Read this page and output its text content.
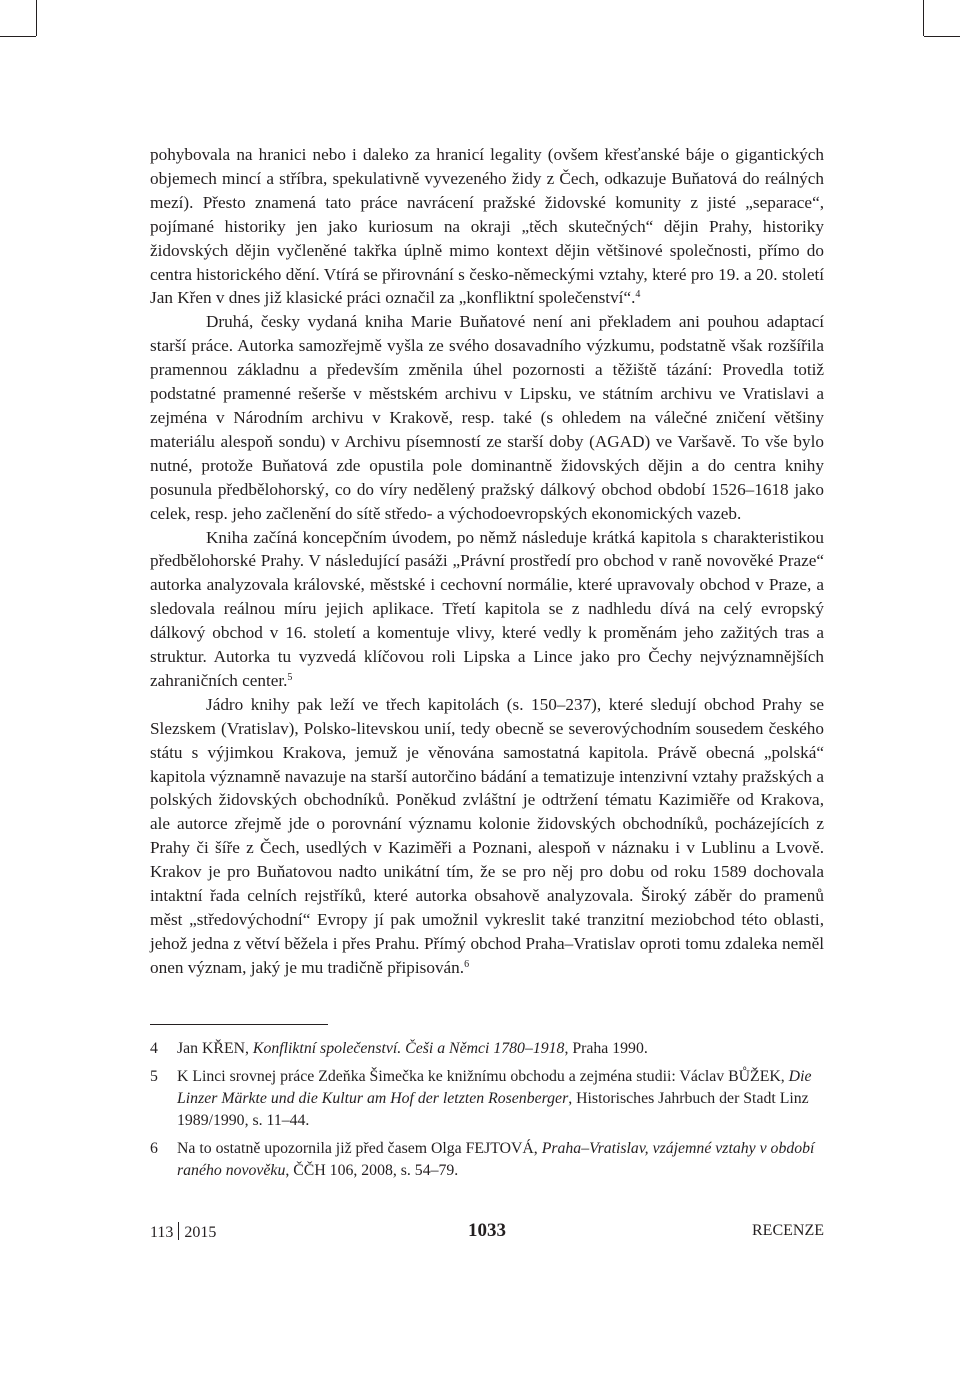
pohybovala na hranici nebo i daleko za hranicí legality (ovšem křesťanské báje o gigantických objemech mincí a stříbra, spekulativně vyvezeného židy z Čech, odkazuje Buňatová do reálných mezí). Přesto znamená tato práce navrácení pražské židovské komunity z jisté „separace“, pojímané historiky jen jako kuriosum na okraji „těch skutečných“ dějin Prahy, historiky židovských dějin vyčleněné takřka úplně mimo kontext dějin většinové společnosti, přímo do centra historického dění. Vtírá se přirovnání s česko-německými vztahy, které pro 19. a 20. století Jan Křen v dnes již klasické práci označil za „konfliktní společenství“.$^4$

Druhá, česky vydaná kniha Marie Buňatové není ani překladem ani pouhou adaptací starší práce. Autorka samozřejmě vyšla ze svého dosavadního výzkumu, podstatně však rozšířila pramennou základnu a především změnila úhel pozornosti a těžiště tázání: Provedla totiž podstatné pramenné rešerše v městském archivu v Lipsku, ve státním archivu ve Vratislavi a zejména v Národním archivu v Krakově, resp. také (s ohledem na válečné zničení většiny materiálu alespoň sondu) v Archivu písemností ze starší doby (AGAD) ve Varšavě. To vše bylo nutné, protože Buňatová zde opustila pole dominantně židovských dějin a do centra knihy posunula předbělohorský, co do víry nedělený pražský dálkový obchod období 1526–1618 jako celek, resp. jeho začlenění do sítě středo- a východoevropských ekonomických vazeb.

Kniha začíná koncepčním úvodem, po němž následuje krátká kapitola s charakteristikou předbělohorské Prahy. V následující pasáži „Právní prostředí pro obchod v raně novověké Praze“ autorka analyzovala královské, městské i cechovní normálie, které upravovaly obchod v Praze, a sledovala reálnou míru jejich aplikace. Třetí kapitola se z nadhledu dívá na celý evropský dálkový obchod v 16. století a komentuje vlivy, které vedly k proměnám jeho zažitých tras a struktur. Autorka tu vyzvedá klíčovou roli Lipska a Lince jako pro Čechy nejvýznamnějších zahraničních center.$^5$

Jádro knihy pak leží ve třech kapitolách (s. 150–237), které sledují obchod Prahy se Slezskem (Vratislav), Polsko-litevskou unií, tedy obecně se severovýchodním sousedem českého státu s výjimkou Krakova, jemuž je věnována samostatná kapitola. Právě obecná „polská“ kapitola významně navazuje na starší autorčino bádání a tematizuje intenzivní vztahy pražských a polských židovských obchodníků. Poněkud zvláštní je odtržení tématu Kazimiěře od Krakova, ale autorce zřejmě jde o porovnání významu kolonie židovských obchodníků, pocházejících z Prahy či šíře z Čech, usedlých v Kaziměři a Poznani, alespoň v náznaku i v Lublinu a Lvově. Krakov je pro Buňatovou nadto unikátní tím, že se pro něj pro dobu od roku 1589 dochovala intaktní řada celních rejstříků, které autorka obsahově analyzovala. Široký záběr do pramenů měst „středovýchodní“ Evropy jí pak umožnil vykreslit také tranzitní meziobchod této oblasti, jehož jedna z větví běžela i přes Prahu. Přímý obchod Praha–Vratislav oproti tomu zdaleka neměl onen význam, jaký je mu tradičně připisován.$^6$

4 Jan KŘEN, Konfliktní společenství. Češi a Němci 1780–1918, Praha 1990.
5 K Linci srovnej práce Zdeňka Šimečka ke knižnímu obchodu a zejména studii: Václav BŮŽEK, Die Linzer Märkte und die Kultur am Hof der letzten Rosenberger, Historisches Jahrbuch der Stadt Linz 1989/1990, s. 11–44.
6 Na to ostatně upozornila již před časem Olga FEJTOVÁ, Praha–Vratislav, vzájemné vztahy v období raného novověku, ČČH 106, 2008, s. 54–79.
113 2015	1033	RECENZE
